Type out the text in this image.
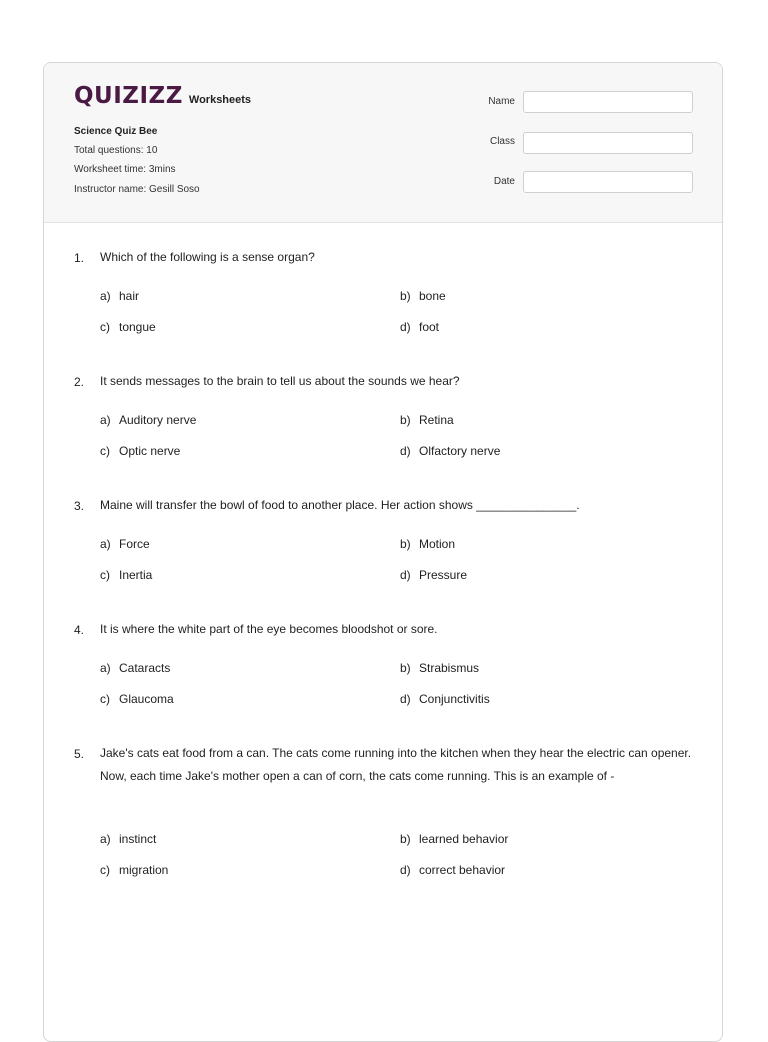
QUIZIZZ Worksheets
Science Quiz Bee
Total questions: 10
Worksheet time: 3mins
Instructor name: Gesill Soso
Name
Class
Date
1. Which of the following is a sense organ?
a) hair	b) bone
c) tongue	d) foot
2. It sends messages to the brain to tell us about the sounds we hear?
a) Auditory nerve	b) Retina
c) Optic nerve	d) Olfactory nerve
3. Maine will transfer the bowl of food to another place. Her action shows _______________.
a) Force	b) Motion
c) Inertia	d) Pressure
4. It is where the white part of the eye becomes bloodshot or sore.
a) Cataracts	b) Strabismus
c) Glaucoma	d) Conjunctivitis
5. Jake's cats eat food from a can. The cats come running into the kitchen when they hear the electric can opener. Now, each time Jake's mother open a can of corn, the cats come running. This is an example of -
a) instinct	b) learned behavior
c) migration	d) correct behavior
